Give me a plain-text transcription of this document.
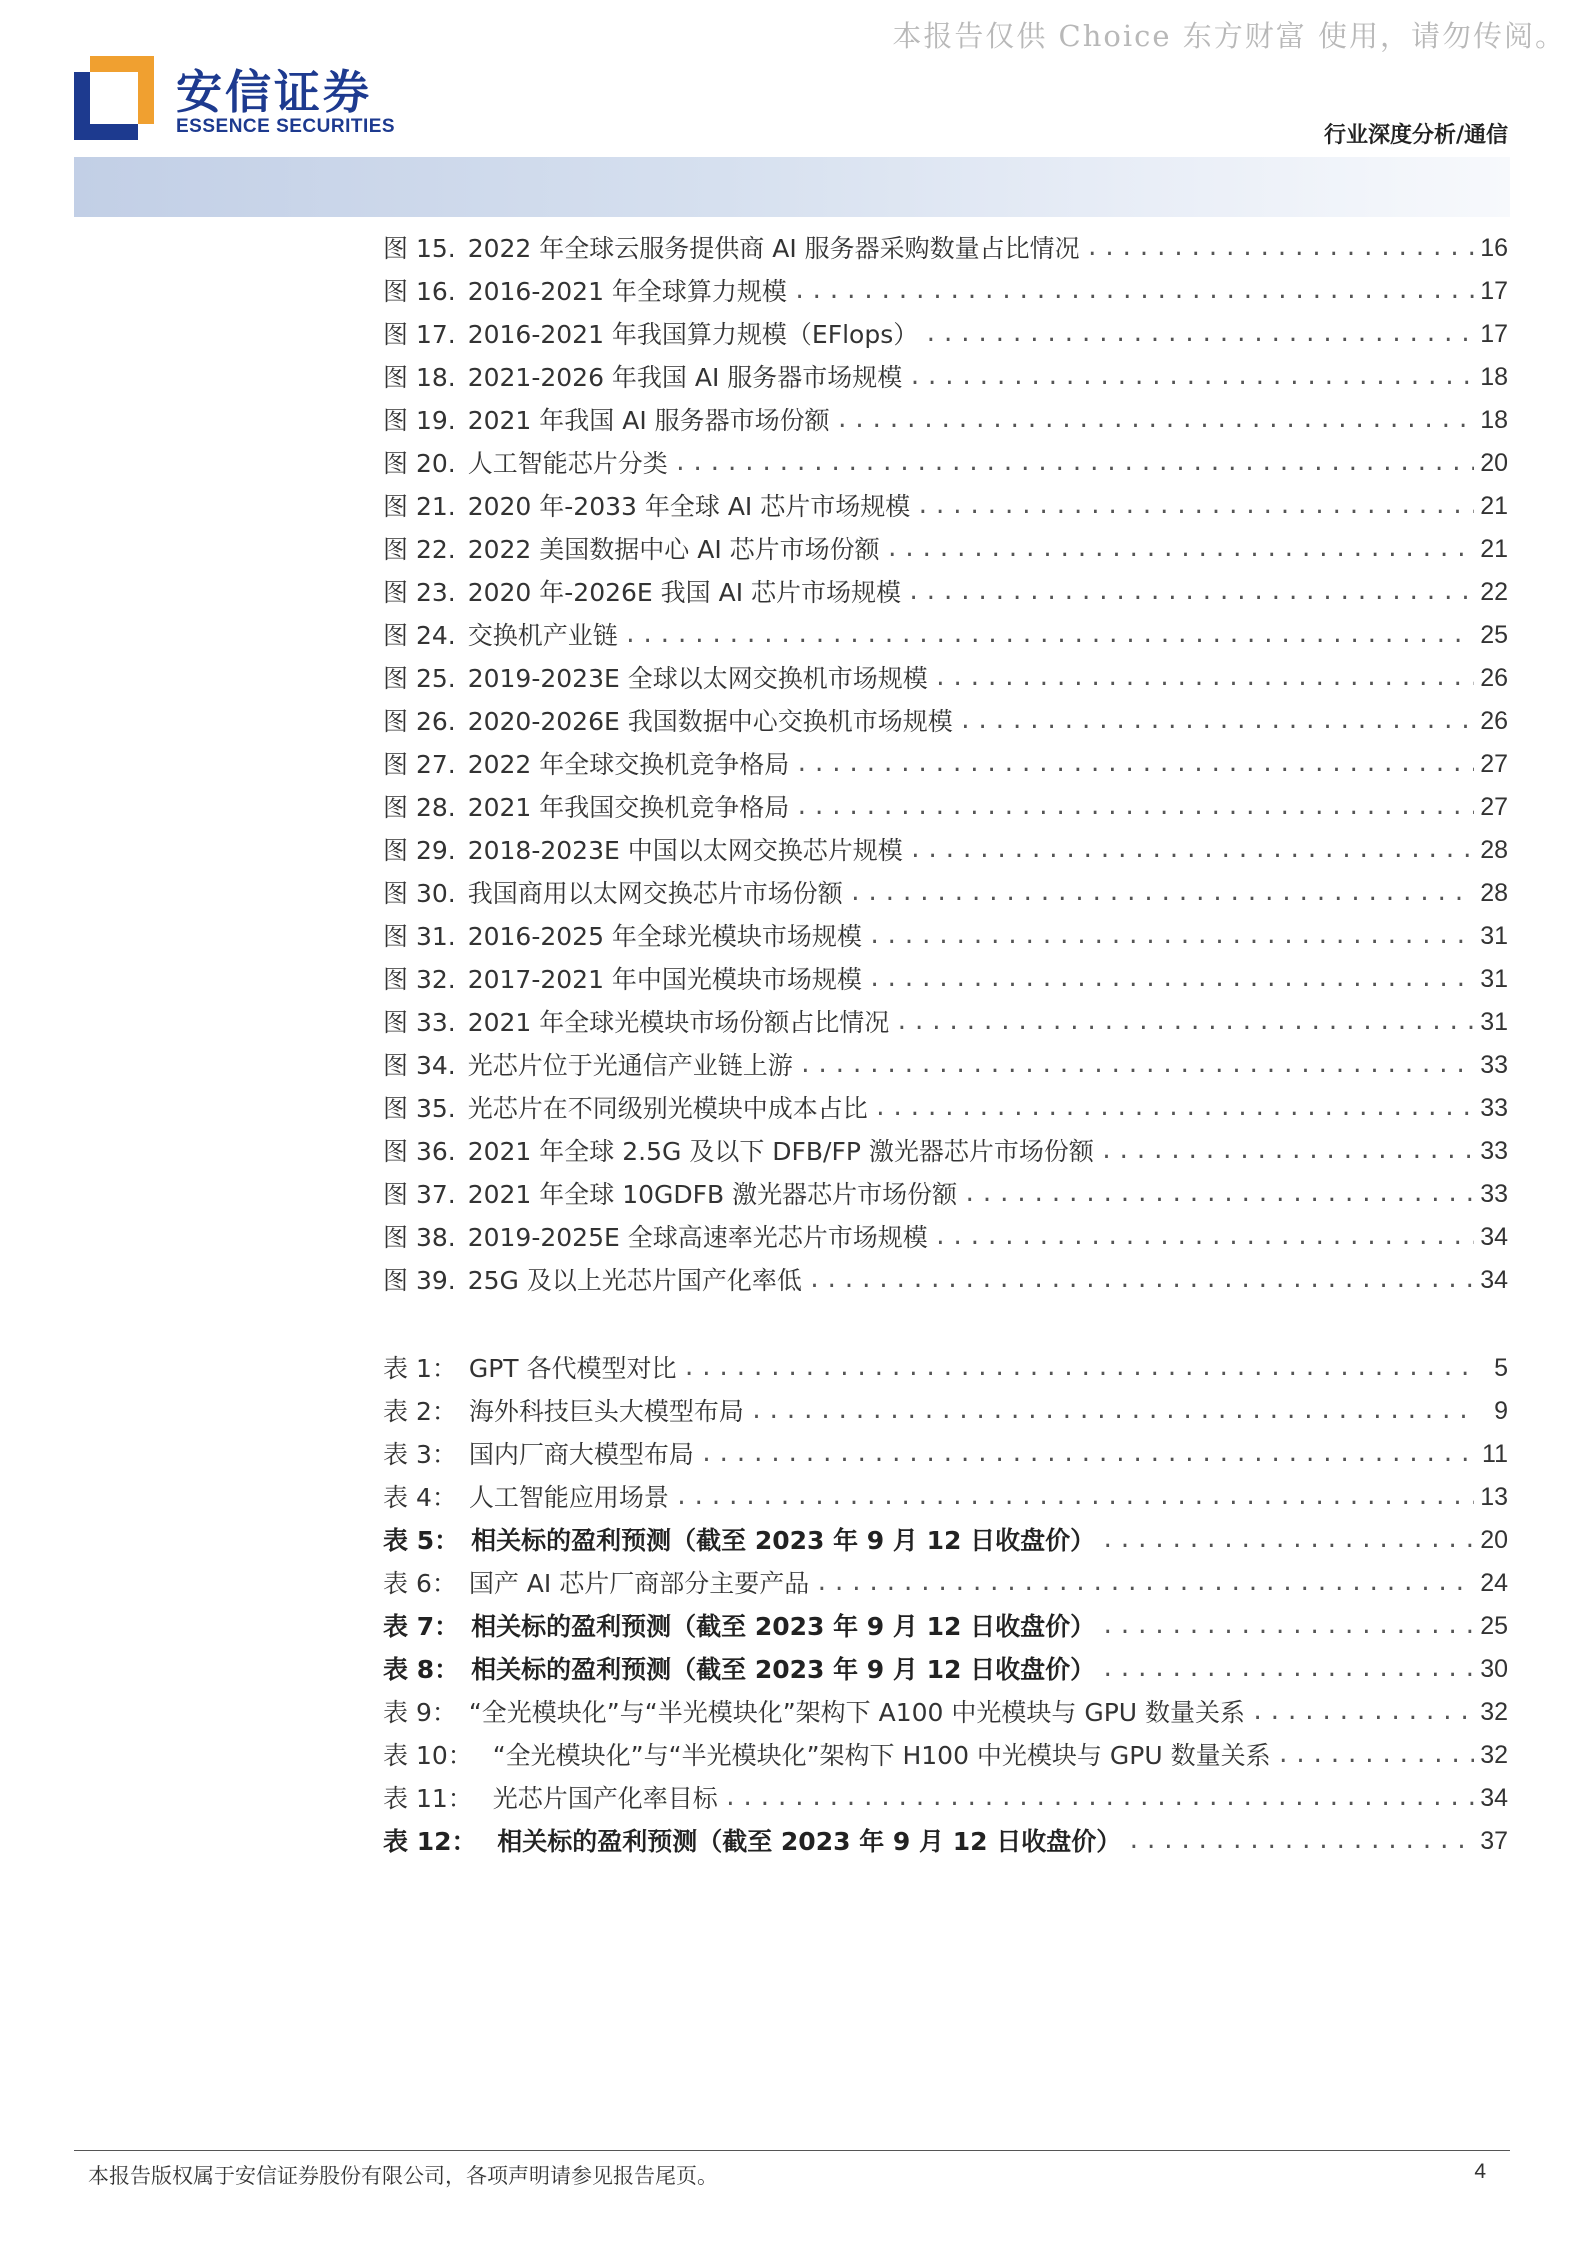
本报告仅供 Choice 东方财富 使用，请勿传阅。
安信证券
ESSENCE SECURITIES	行业深度分析/通信
图 15. 2022 年全球云服务提供商 AI 服务器采购数量占比情况 .....	16
图 16. 2016-2021 年全球算力规模 .....	17
图 17. 2016-2021 年我国算力规模（EFlops） .....	17
图 18. 2021-2026 年我国 AI 服务器市场规模 .....	18
图 19. 2021 年我国 AI 服务器市场份额 .....	18
图 20. 人工智能芯片分类 .....	20
图 21. 2020 年-2033 年全球 AI 芯片市场规模 .....	21
图 22. 2022 美国数据中心 AI 芯片市场份额 .....	21
图 23. 2020 年-2026E 我国 AI 芯片市场规模 .....	22
图 24. 交换机产业链 .....	25
图 25. 2019-2023E 全球以太网交换机市场规模 .....	26
图 26. 2020-2026E 我国数据中心交换机市场规模 .....	26
图 27. 2022 年全球交换机竞争格局 .....	27
图 28. 2021 年我国交换机竞争格局 .....	27
图 29. 2018-2023E 中国以太网交换芯片规模 .....	28
图 30. 我国商用以太网交换芯片市场份额 .....	28
图 31. 2016-2025 年全球光模块市场规模 .....	31
图 32. 2017-2021 年中国光模块市场规模 .....	31
图 33. 2021 年全球光模块市场份额占比情况 .....	31
图 34. 光芯片位于光通信产业链上游 .....	33
图 35. 光芯片在不同级别光模块中成本占比 .....	33
图 36. 2021 年全球 2.5G 及以下 DFB/FP 激光器芯片市场份额 .....	33
图 37. 2021 年全球 10GDFB 激光器芯片市场份额 .....	33
图 38. 2019-2025E 全球高速率光芯片市场规模 .....	34
图 39. 25G 及以上光芯片国产化率低 .....	34
表 1： GPT 各代模型对比 .....	5
表 2： 海外科技巨头大模型布局 .....	9
表 3： 国内厂商大模型布局 .....	11
表 4： 人工智能应用场景 .....	13
表 5： 相关标的盈利预测（截至 2023 年 9 月 12 日收盘价） .....	20
表 6： 国产 AI 芯片厂商部分主要产品 .....	24
表 7： 相关标的盈利预测（截至 2023 年 9 月 12 日收盘价） .....	25
表 8： 相关标的盈利预测（截至 2023 年 9 月 12 日收盘价） .....	30
表 9： “全光模块化”与“半光模块化”架构下 A100 中光模块与 GPU 数量关系 .....	32
表 10： “全光模块化”与“半光模块化”架构下 H100 中光模块与 GPU 数量关系 .....	32
表 11： 光芯片国产化率目标 .....	34
表 12： 相关标的盈利预测（截至 2023 年 9 月 12 日收盘价） .....	37
本报告版权属于安信证券股份有限公司，各项声明请参见报告尾页。	4
